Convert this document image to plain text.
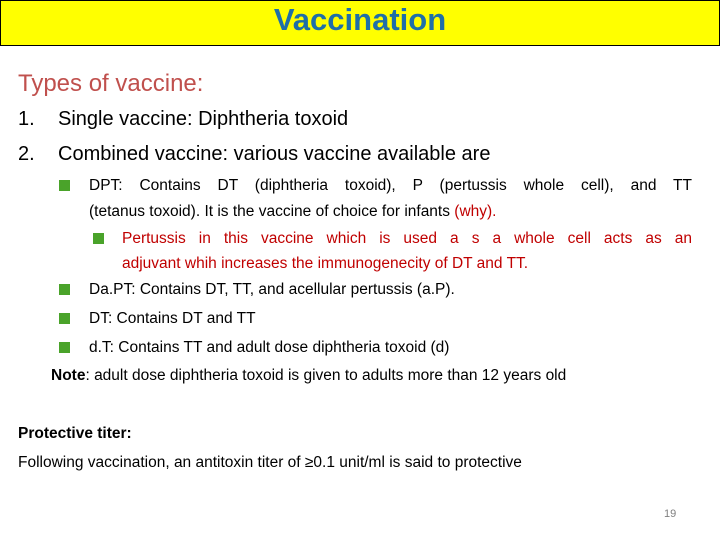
Vaccination
Types of vaccine:
1. Single vaccine: Diphtheria toxoid
2. Combined vaccine: various vaccine available are
DPT: Contains DT (diphtheria toxoid), P (pertussis whole cell), and TT
(tetanus toxoid). It is the vaccine of choice for infants (why).
Pertussis in this vaccine which is used a s a whole cell acts as an
adjuvant whih increases the immunogenecity of DT and TT.
Da.PT: Contains DT, TT, and acellular pertussis (a.P).
DT: Contains DT and TT
d.T: Contains TT and adult dose diphtheria toxoid (d)
Note: adult dose diphtheria toxoid is given to adults more than 12 years old
Protective titer:
Following vaccination, an antitoxin titer of ≥0.1 unit/ml is said to protective
19
